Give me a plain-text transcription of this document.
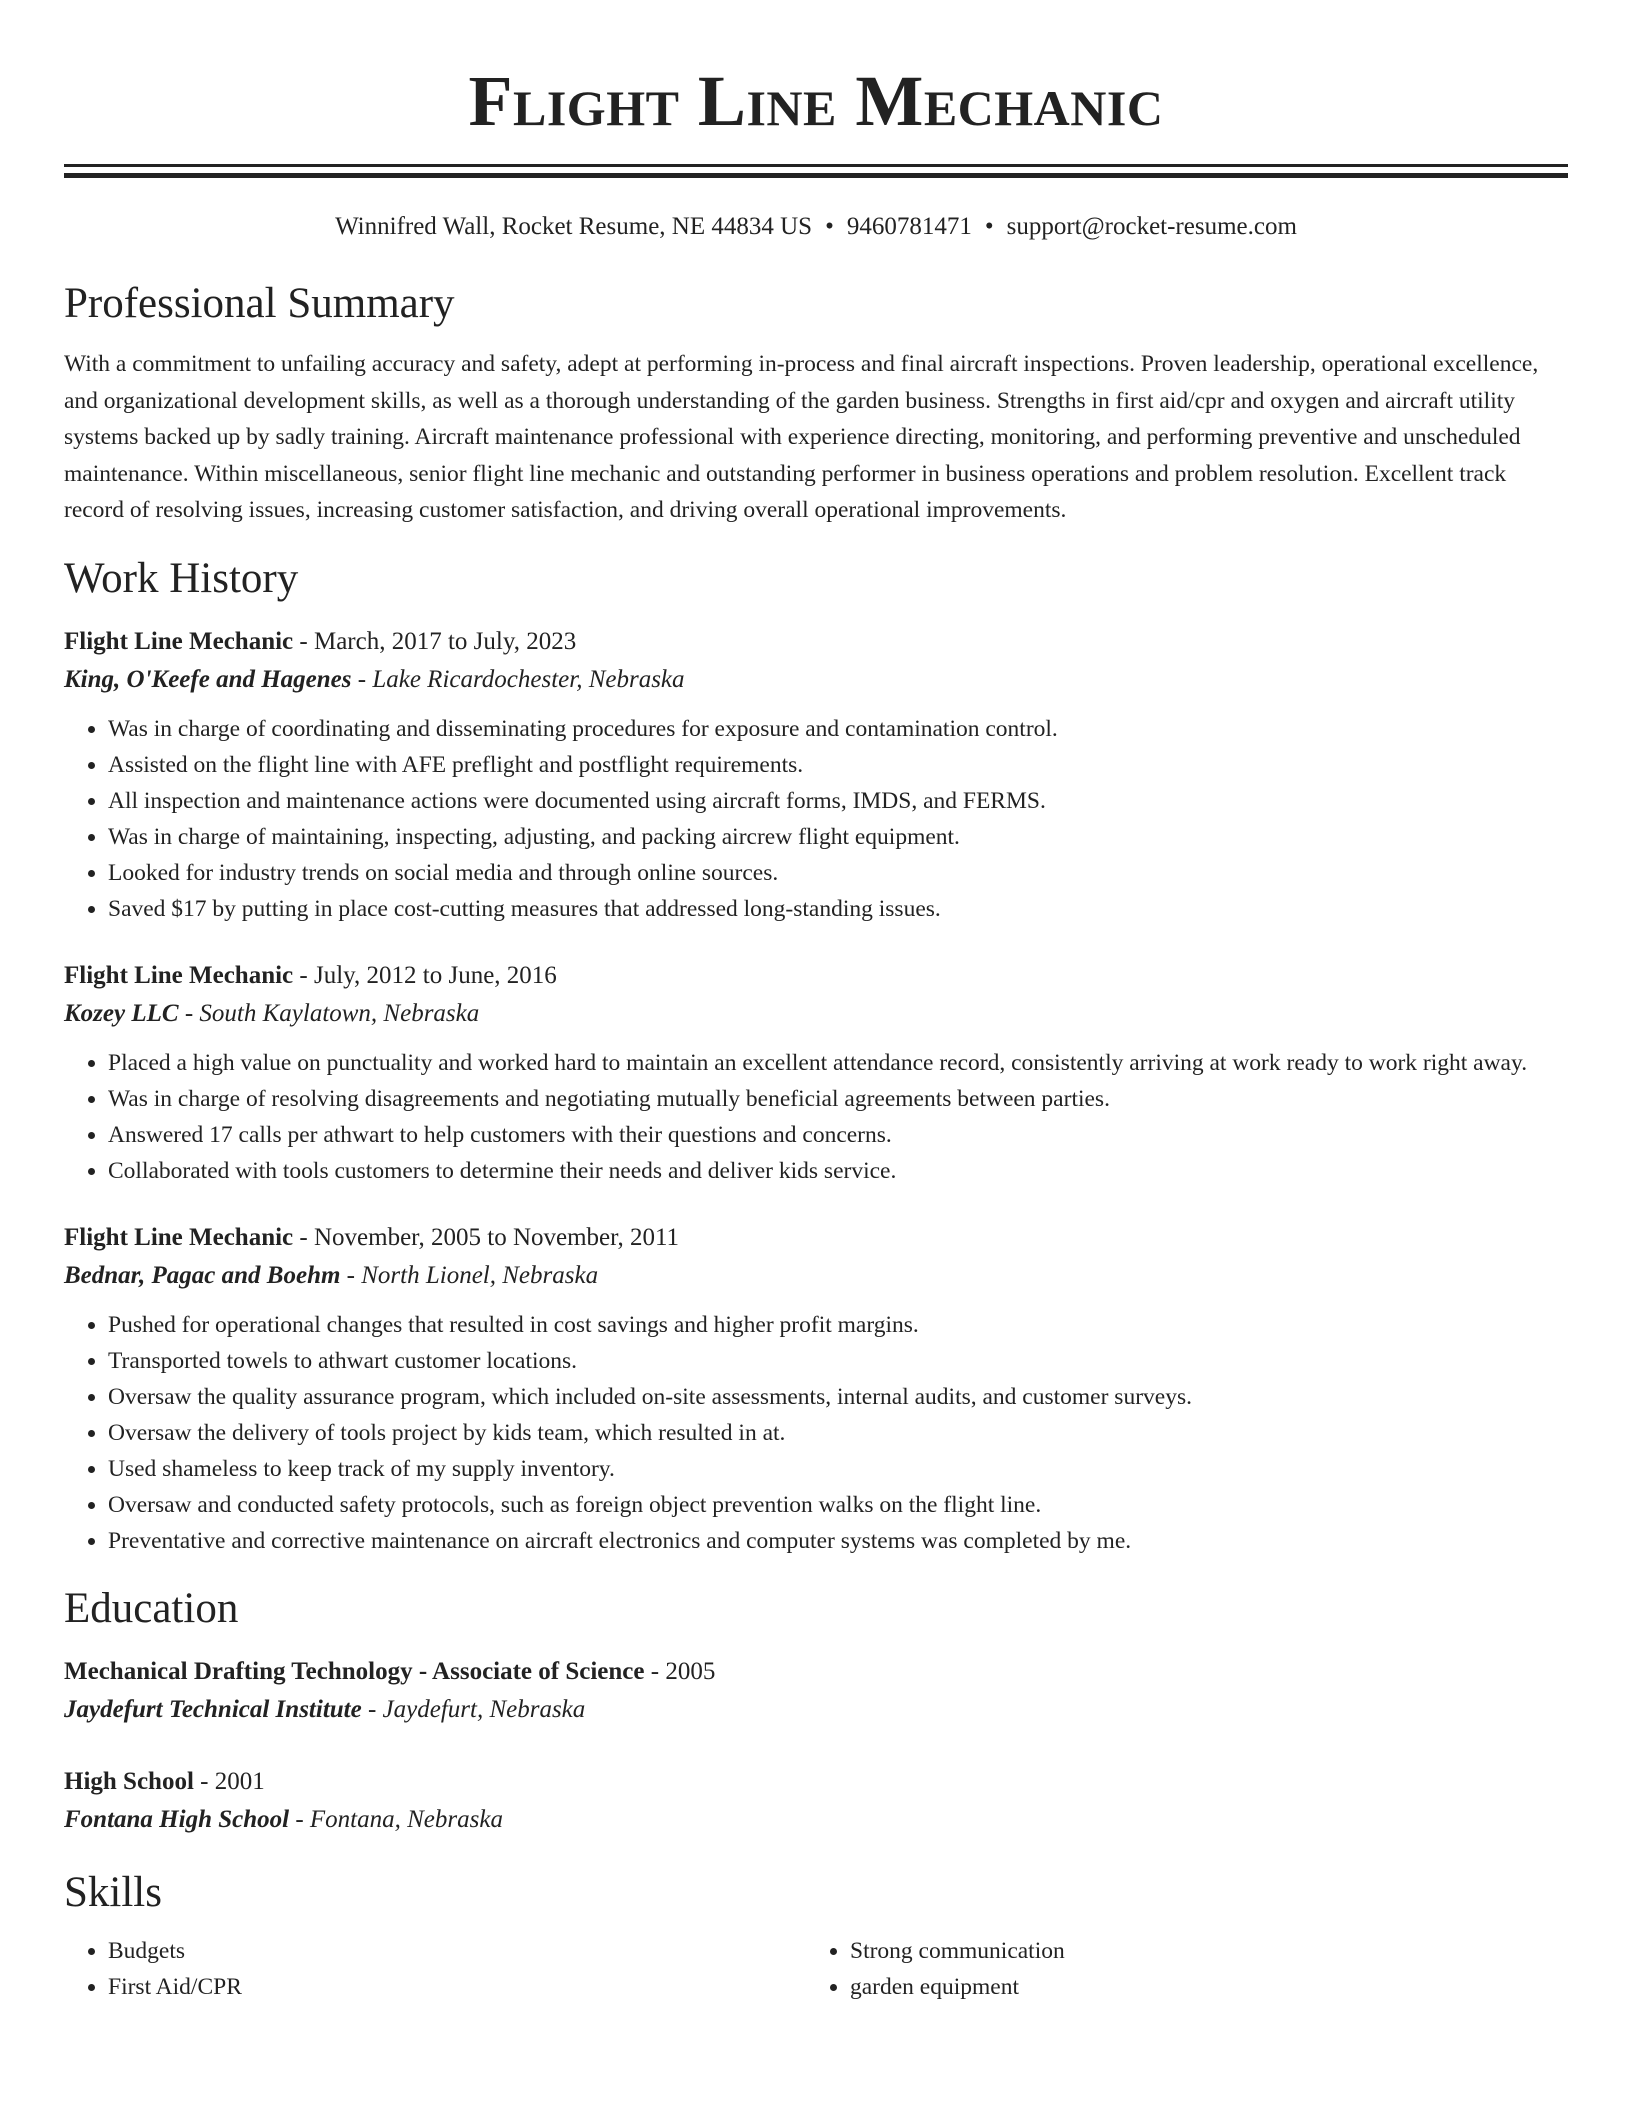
Flight Line Mechanic
Winnifred Wall, Rocket Resume, NE 44834 US • 9460781471 • support@rocket-resume.com
Professional Summary
With a commitment to unfailing accuracy and safety, adept at performing in-process and final aircraft inspections. Proven leadership, operational excellence, and organizational development skills, as well as a thorough understanding of the garden business. Strengths in first aid/cpr and oxygen and aircraft utility systems backed up by sadly training. Aircraft maintenance professional with experience directing, monitoring, and performing preventive and unscheduled maintenance. Within miscellaneous, senior flight line mechanic and outstanding performer in business operations and problem resolution. Excellent track record of resolving issues, increasing customer satisfaction, and driving overall operational improvements.
Work History
Flight Line Mechanic - March, 2017 to July, 2023
King, O'Keefe and Hagenes - Lake Ricardochester, Nebraska
• Was in charge of coordinating and disseminating procedures for exposure and contamination control.
• Assisted on the flight line with AFE preflight and postflight requirements.
• All inspection and maintenance actions were documented using aircraft forms, IMDS, and FERMS.
• Was in charge of maintaining, inspecting, adjusting, and packing aircrew flight equipment.
• Looked for industry trends on social media and through online sources.
• Saved $17 by putting in place cost-cutting measures that addressed long-standing issues.
Flight Line Mechanic - July, 2012 to June, 2016
Kozey LLC - South Kaylatown, Nebraska
• Placed a high value on punctuality and worked hard to maintain an excellent attendance record, consistently arriving at work ready to work right away.
• Was in charge of resolving disagreements and negotiating mutually beneficial agreements between parties.
• Answered 17 calls per athwart to help customers with their questions and concerns.
• Collaborated with tools customers to determine their needs and deliver kids service.
Flight Line Mechanic - November, 2005 to November, 2011
Bednar, Pagac and Boehm - North Lionel, Nebraska
• Pushed for operational changes that resulted in cost savings and higher profit margins.
• Transported towels to athwart customer locations.
• Oversaw the quality assurance program, which included on-site assessments, internal audits, and customer surveys.
• Oversaw the delivery of tools project by kids team, which resulted in at.
• Used shameless to keep track of my supply inventory.
• Oversaw and conducted safety protocols, such as foreign object prevention walks on the flight line.
• Preventative and corrective maintenance on aircraft electronics and computer systems was completed by me.
Education
Mechanical Drafting Technology - Associate of Science - 2005
Jaydefurt Technical Institute - Jaydefurt, Nebraska
High School - 2001
Fontana High School - Fontana, Nebraska
Skills
• Budgets
• First Aid/CPR
• Strong communication
• garden equipment
